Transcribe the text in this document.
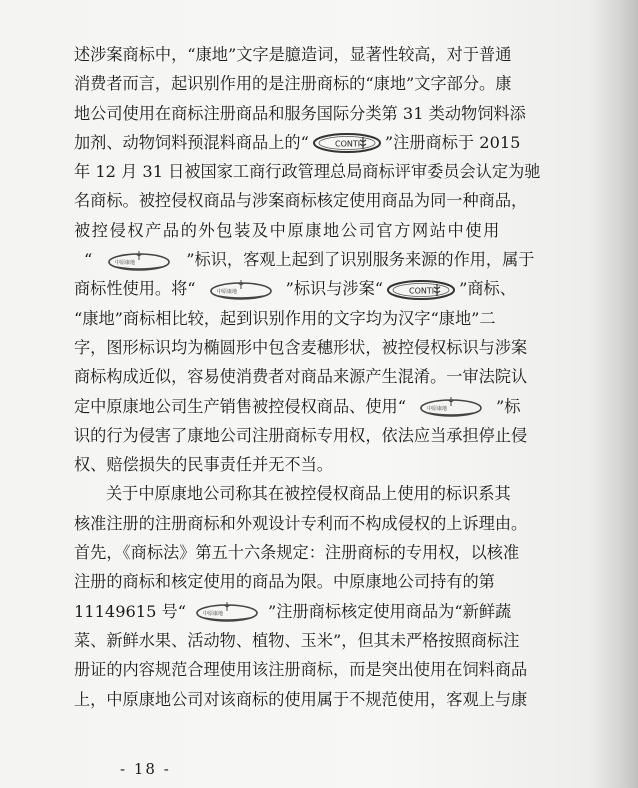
述涉案商标中，“康地”文字是臆造词，显著性较高，对于普通
消费者而言，起识别作用的是注册商标的“康地”文字部分。康
地公司使用在商标注册商品和服务国际分类第 31 类动物饲料添
加剂、动物饲料预混料商品上的“	CONTI ”注册商标于 2015
年 12 月 31 日被国家工商行政管理总局商标评审委员会认定为驰
名商标。被控侵权商品与涉案商标核定使用商品为同一种商品，
被控侵权产品的外包装及中原康地公司官方网站中使用
“	中原康地	”标识，客观上起到了识别服务来源的作用，属于
商标性使用。将“	中原康地	”标识与涉案“	CONTI ”商标、
“康地”商标相比较，起到识别作用的文字均为汉字“康地”二
字，图形标识均为椭圆形中包含麦穗形状，被控侵权标识与涉案
商标构成近似，容易使消费者对商品来源产生混淆。一审法院认
定中原康地公司生产销售被控侵权商品、使用“	中原康地	”标
识的行为侵害了康地公司注册商标专用权，依法应当承担停止侵
权、赔偿损失的民事责任并无不当。
关于中原康地公司称其在被控侵权商品上使用的标识系其
核准注册的注册商标和外观设计专利而不构成侵权的上诉理由。
首先，《商标法》第五十六条规定：注册商标的专用权，以核准
注册的商标和核定使用的商品为限。中原康地公司持有的第
11149615 号“	中原康地	”注册商标核定使用商品为“新鲜蔬
菜、新鲜水果、活动物、植物、玉米”，但其未严格按照商标注
册证的内容规范合理使用该注册商标，而是突出使用在饲料商品
上，中原康地公司对该商标的使用属于不规范使用，客观上与康
- 18 -
